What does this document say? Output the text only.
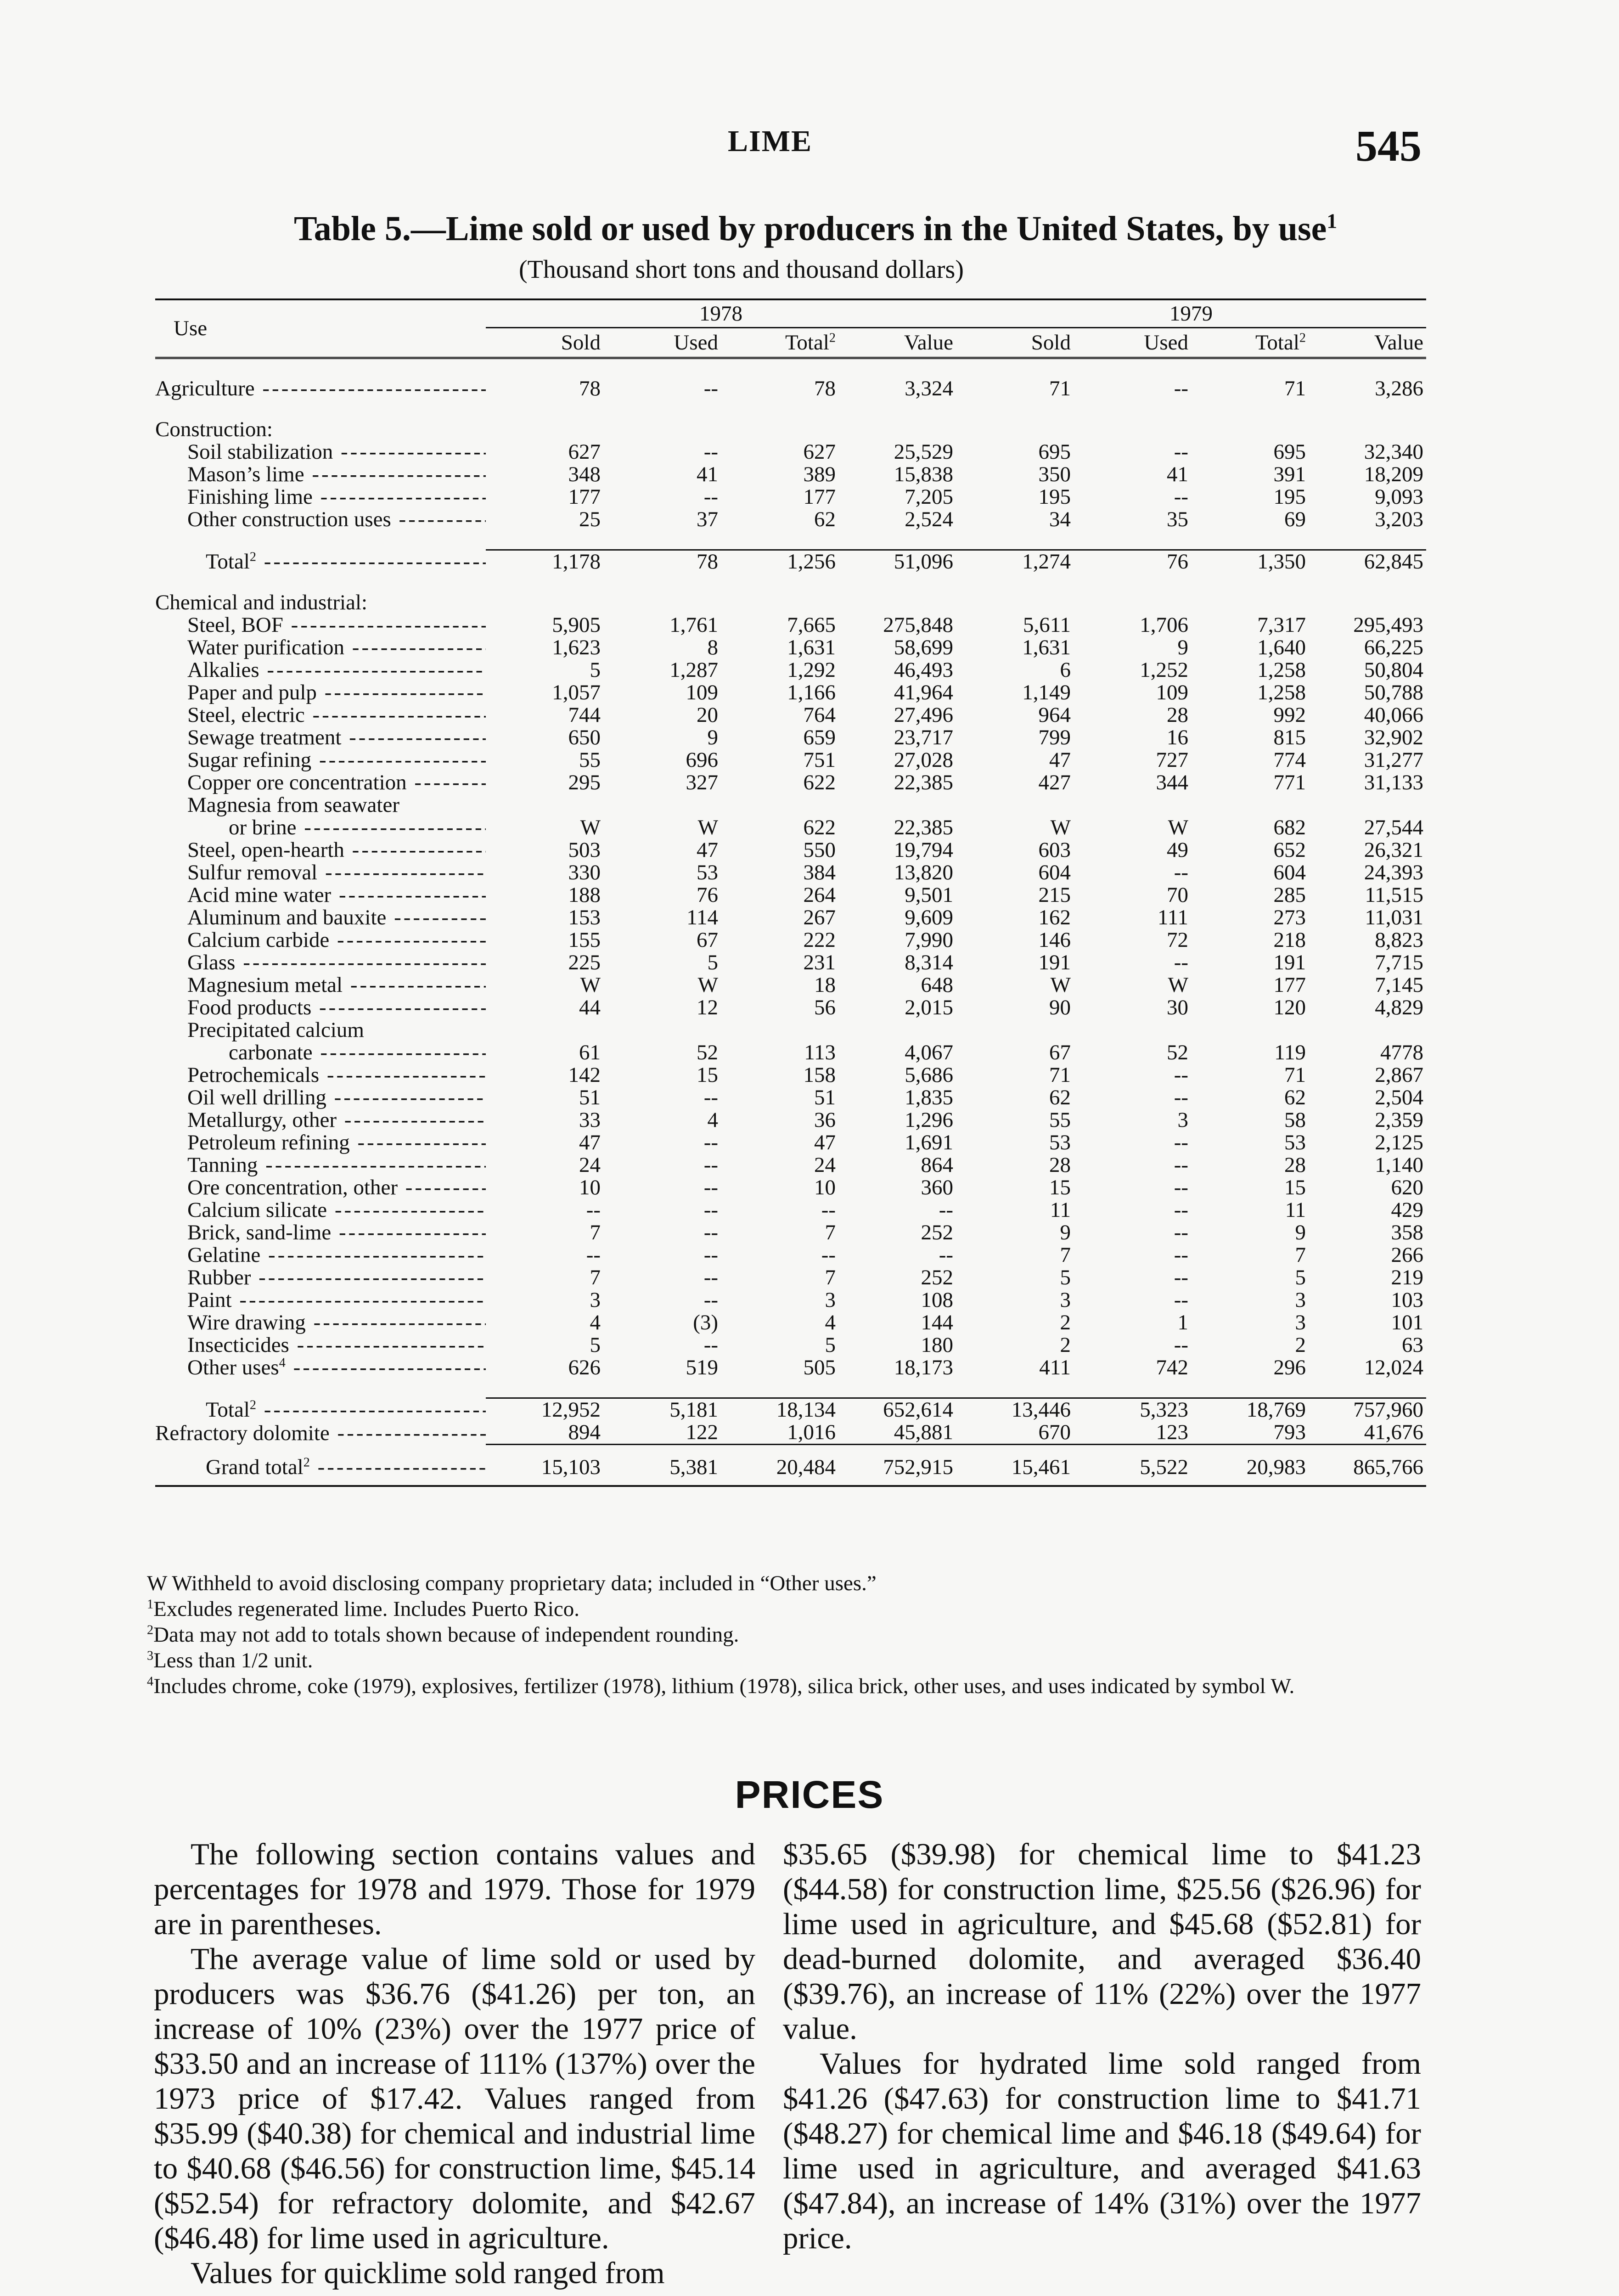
LIME	545
Table 5.—Lime sold or used by producers in the United States, by use$^1$
(Thousand short tons and thousand dollars)
Use	1978				1979			
	Sold	Used	Total$^2$	Value	Sold	Used	Total$^2$	Value

Agriculture -----	78	--	78	3,324	71	--	71	3,286

Construction:								
Soil stabilization -----	627	--	627	25,529	695	--	695	32,340
Mason’s lime -----	348	41	389	15,838	350	41	391	18,209
Finishing lime -----	177	--	177	7,205	195	--	195	9,093
Other construction uses -----	25	37	62	2,524	34	35	69	3,203

Total$^2$ -----	1,178	78	1,256	51,096	1,274	76	1,350	62,845

Chemical and industrial:								
Steel, BOF -----	5,905	1,761	7,665	275,848	5,611	1,706	7,317	295,493
Water purification -----	1,623	8	1,631	58,699	1,631	9	1,640	66,225
Alkalies -----	5	1,287	1,292	46,493	6	1,252	1,258	50,804
Paper and pulp -----	1,057	109	1,166	41,964	1,149	109	1,258	50,788
Steel, electric -----	744	20	764	27,496	964	28	992	40,066
Sewage treatment -----	650	9	659	23,717	799	16	815	32,902
Sugar refining -----	55	696	751	27,028	47	727	774	31,277
Copper ore concentration -----	295	327	622	22,385	427	344	771	31,133
Magnesia from seawater								
or brine -----	W	W	622	22,385	W	W	682	27,544
Steel, open-hearth -----	503	47	550	19,794	603	49	652	26,321
Sulfur removal -----	330	53	384	13,820	604	--	604	24,393
Acid mine water -----	188	76	264	9,501	215	70	285	11,515
Aluminum and bauxite -----	153	114	267	9,609	162	111	273	11,031
Calcium carbide -----	155	67	222	7,990	146	72	218	8,823
Glass -----	225	5	231	8,314	191	--	191	7,715
Magnesium metal -----	W	W	18	648	W	W	177	7,145
Food products -----	44	12	56	2,015	90	30	120	4,829
Precipitated calcium								
carbonate -----	61	52	113	4,067	67	52	119	4778
Petrochemicals -----	142	15	158	5,686	71	--	71	2,867
Oil well drilling -----	51	--	51	1,835	62	--	62	2,504
Metallurgy, other -----	33	4	36	1,296	55	3	58	2,359
Petroleum refining -----	47	--	47	1,691	53	--	53	2,125
Tanning -----	24	--	24	864	28	--	28	1,140
Ore concentration, other -----	10	--	10	360	15	--	15	620
Calcium silicate -----	--	--	--	--	11	--	11	429
Brick, sand-lime -----	7	--	7	252	9	--	9	358
Gelatine -----	--	--	--	--	7	--	7	266
Rubber -----	7	--	7	252	5	--	5	219
Paint -----	3	--	3	108	3	--	3	103
Wire drawing -----	4	(3)	4	144	2	1	3	101
Insecticides -----	5	--	5	180	2	--	2	63
Other uses$^4$ -----	626	519	505	18,173	411	742	296	12,024

Total$^2$ -----	12,952	5,181	18,134	652,614	13,446	5,323	18,769	757,960
Refractory dolomite -----	894	122	1,016	45,881	670	123	793	41,676
Grand total$^2$ -----	15,103	5,381	20,484	752,915	15,461	5,522	20,983	865,766

W Withheld to avoid disclosing company proprietary data; included in “Other uses.”

$^1$Excludes regenerated lime. Includes Puerto Rico.

$^2$Data may not add to totals shown because of independent rounding.

$^3$Less than 1/2 unit.

$^4$Includes chrome, coke (1979), explosives, fertilizer (1978), lithium (1978), silica brick, other uses, and uses indicated by symbol W.

PRICES

The following section contains values and percentages for 1978 and 1979. Those for 1979 are in parentheses.

The average value of lime sold or used by producers was $36.76 ($41.26) per ton, an increase of 10% (23%) over the 1977 price of $33.50 and an increase of 111% (137%) over the 1973 price of $17.42. Values ranged from $35.99 ($40.38) for chemical and industrial lime to $40.68 ($46.56) for construction lime, $45.14 ($52.54) for refractory dolomite, and $42.67 ($46.48) for lime used in agriculture.

Values for quicklime sold ranged from

$35.65 ($39.98) for chemical lime to $41.23 ($44.58) for construction lime, $25.56 ($26.96) for lime used in agriculture, and $45.68 ($52.81) for dead-burned dolomite, and averaged $36.40 ($39.76), an increase of 11% (22%) over the 1977 value.

Values for hydrated lime sold ranged from $41.26 ($47.63) for construction lime to $41.71 ($48.27) for chemical lime and $46.18 ($49.64) for lime used in agriculture, and averaged $41.63 ($47.84), an increase of 14% (31%) over the 1977 price.
